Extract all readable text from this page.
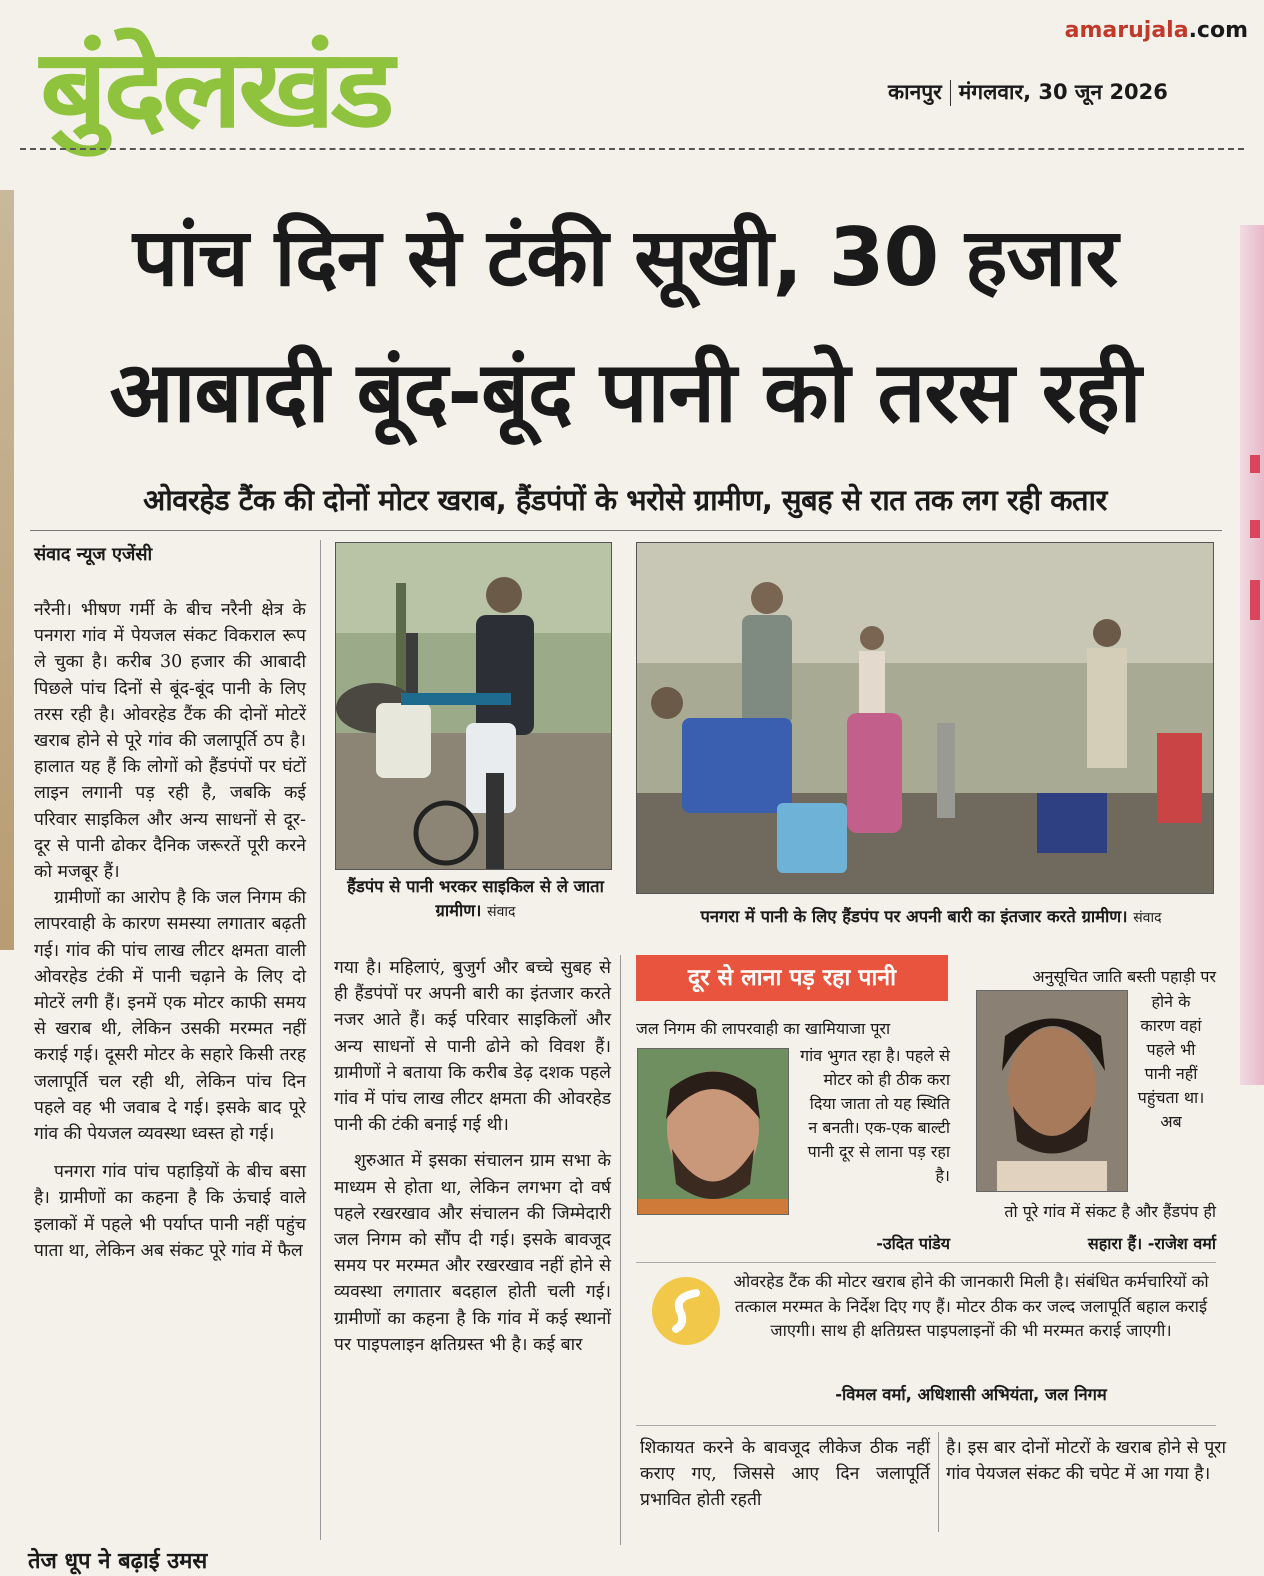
amarujala.com
बुंदेलखंड	कानपुर मंगलवार, 30 जून 2026
पांच दिन से टंकी सूखी, 30 हजार
आबादी बूंद-बूंद पानी को तरस रही
ओवरहेड टैंक की दोनों मोटर खराब, हैंडपंपों के भरोसे ग्रामीण, सुबह से रात तक लग रही कतार
संवाद न्यूज एजेंसी

नरैनी। भीषण गर्मी के बीच नरैनी क्षेत्र के पनगरा गांव में पेयजल संकट विकराल रूप ले चुका है। करीब 30 हजार की आबादी पिछले पांच दिनों से बूंद-बूंद पानी के लिए तरस रही है। ओवरहेड टैंक की दोनों मोटरें खराब होने से पूरे गांव की जलापूर्ति ठप है। हालात यह हैं कि लोगों को हैंडपंपों पर घंटों लाइन लगानी पड़ रही है, जबकि कई परिवार साइकिल और अन्य साधनों से दूर-दूर से पानी ढोकर दैनिक जरूरतें पूरी करने को मजबूर हैं।

ग्रामीणों का आरोप है कि जल निगम की लापरवाही के कारण समस्या लगातार बढ़ती गई। गांव की पांच लाख लीटर क्षमता वाली ओवरहेड टंकी में पानी चढ़ाने के लिए दो मोटरें लगी हैं। इनमें एक मोटर काफी समय से खराब थी, लेकिन उसकी मरम्मत नहीं कराई गई। दूसरी मोटर के सहारे किसी तरह जलापूर्ति चल रही थी, लेकिन पांच दिन पहले वह भी जवाब दे गई। इसके बाद पूरे गांव की पेयजल व्यवस्था ध्वस्त हो गई।

पनगरा गांव पांच पहाड़ियों के बीच बसा है। ग्रामीणों का कहना है कि ऊंचाई वाले इलाकों में पहले भी पर्याप्त पानी नहीं पहुंच पाता था, लेकिन अब संकट पूरे गांव में फैल

हैंडपंप से पानी भरकर साइकिल से ले जाता ग्रामीण। संवाद	पनगरा में पानी के लिए हैंडपंप पर अपनी बारी का इंतजार करते ग्रामीण। संवाद

गया है। महिलाएं, बुजुर्ग और बच्चे सुबह से ही हैंडपंपों पर अपनी बारी का इंतजार करते नजर आते हैं। कई परिवार साइकिलों और अन्य साधनों से पानी ढोने को विवश हैं। ग्रामीणों ने बताया कि करीब डेढ़ दशक पहले गांव में पांच लाख लीटर क्षमता की ओवरहेड पानी की टंकी बनाई गई थी।

शुरुआत में इसका संचालन ग्राम सभा के माध्यम से होता था, लेकिन लगभग दो वर्ष पहले रखरखाव और संचालन की जिम्मेदारी जल निगम को सौंप दी गई। इसके बावजूद समय पर मरम्मत और रखरखाव नहीं होने से व्यवस्था लगातार बदहाल होती चली गई। ग्रामीणों का कहना है कि गांव में कई स्थानों पर पाइपलाइन क्षतिग्रस्त भी है। कई बार

दूर से लाना पड़ रहा पानी
जल निगम की लापरवाही का खामियाजा पूरा
गांव भुगत रहा है। पहले से मोटर को ही ठीक करा दिया जाता तो यह स्थिति न बनती। एक-एक बाल्टी पानी दूर से लाना पड़ रहा है।
-उदित पांडेय
अनुसूचित जाति बस्ती पहाड़ी पर
होने के कारण वहां पहले भी पानी नहीं पहुंचता था। अब
तो पूरे गांव में संकट है और हैंडपंप ही
सहारा हैं। -राजेश वर्मा
ओवरहेड टैंक की मोटर खराब होने की जानकारी मिली है। संबंधित कर्मचारियों को तत्काल मरम्मत के निर्देश दिए गए हैं। मोटर ठीक कर जल्द जलापूर्ति बहाल कराई जाएगी। साथ ही क्षतिग्रस्त पाइपलाइनों की भी मरम्मत कराई जाएगी।
-विमल वर्मा, अधिशासी अभियंता, जल निगम

शिकायत करने के बावजूद लीकेज ठीक नहीं कराए गए, जिससे आए दिन जलापूर्ति प्रभावित होती रहती

है। इस बार दोनों मोटरों के खराब होने से पूरा गांव पेयजल संकट की चपेट में आ गया है।

तेज धूप ने बढ़ाई उमस
